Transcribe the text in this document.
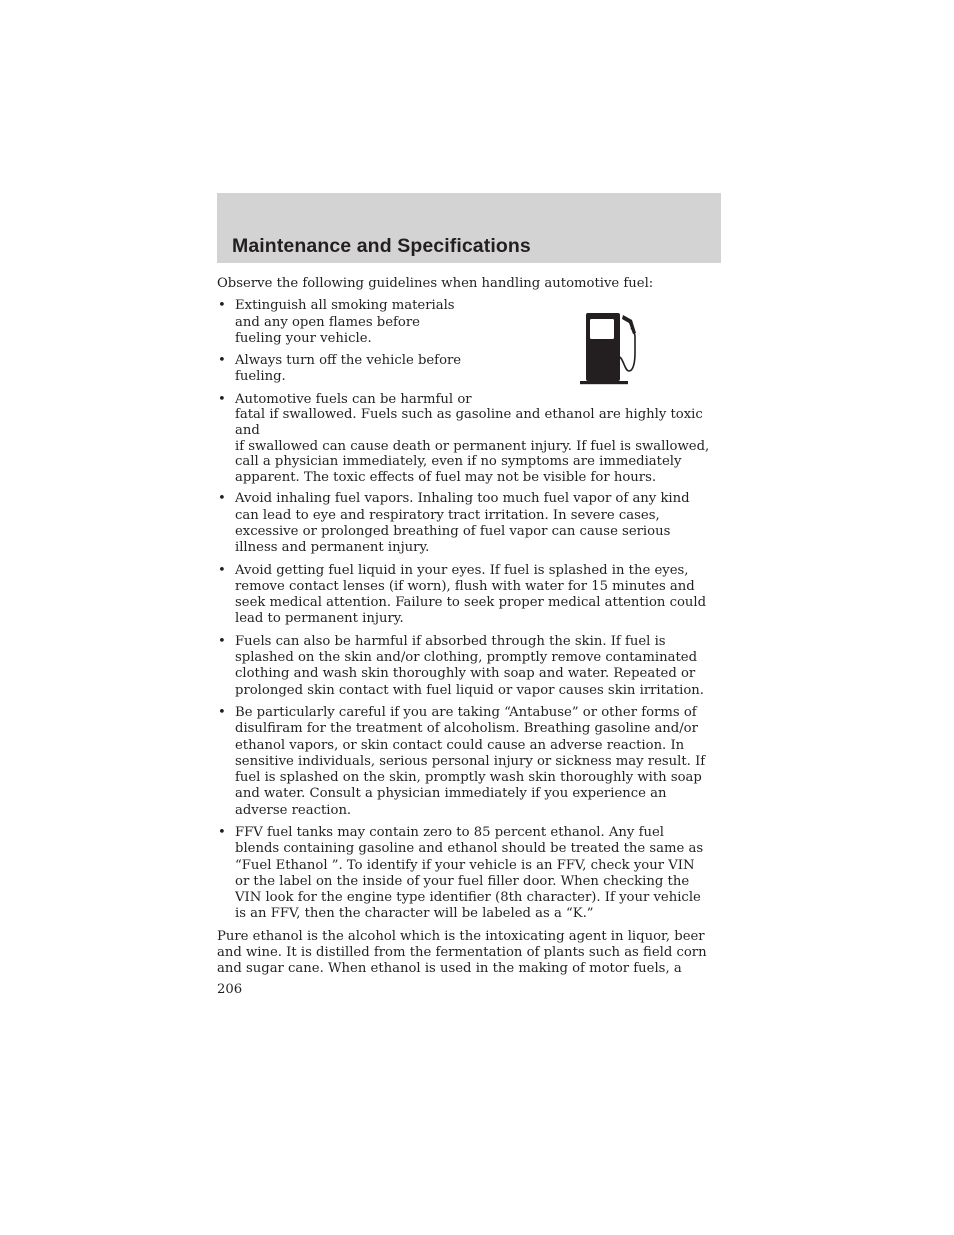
Maintenance and Specifications

Observe the following guidelines when handling automotive fuel:

• Extinguish all smoking materials
and any open flames before
fueling your vehicle.
• Always turn off the vehicle before
fueling.
• Automotive fuels can be harmful or
fatal if swallowed. Fuels such as gasoline and ethanol are highly toxic and
if swallowed can cause death or permanent injury. If fuel is swallowed,
call a physician immediately, even if no symptoms are immediately
apparent. The toxic effects of fuel may not be visible for hours.
• Avoid inhaling fuel vapors. Inhaling too much fuel vapor of any kind
can lead to eye and respiratory tract irritation. In severe cases,
excessive or prolonged breathing of fuel vapor can cause serious
illness and permanent injury.
• Avoid getting fuel liquid in your eyes. If fuel is splashed in the eyes,
remove contact lenses (if worn), flush with water for 15 minutes and
seek medical attention. Failure to seek proper medical attention could
lead to permanent injury.
• Fuels can also be harmful if absorbed through the skin. If fuel is
splashed on the skin and/or clothing, promptly remove contaminated
clothing and wash skin thoroughly with soap and water. Repeated or
prolonged skin contact with fuel liquid or vapor causes skin irritation.
• Be particularly careful if you are taking “Antabuse” or other forms of
disulfiram for the treatment of alcoholism. Breathing gasoline and/or
ethanol vapors, or skin contact could cause an adverse reaction. In
sensitive individuals, serious personal injury or sickness may result. If
fuel is splashed on the skin, promptly wash skin thoroughly with soap
and water. Consult a physician immediately if you experience an
adverse reaction.
• FFV fuel tanks may contain zero to 85 percent ethanol. Any fuel
blends containing gasoline and ethanol should be treated the same as
“Fuel Ethanol ”. To identify if your vehicle is an FFV, check your VIN
or the label on the inside of your fuel filler door. When checking the
VIN look for the engine type identifier (8th character). If your vehicle
is an FFV, then the character will be labeled as a “K.”
Pure ethanol is the alcohol which is the intoxicating agent in liquor, beer
and wine. It is distilled from the fermentation of plants such as field corn
and sugar cane. When ethanol is used in the making of motor fuels, a
206
